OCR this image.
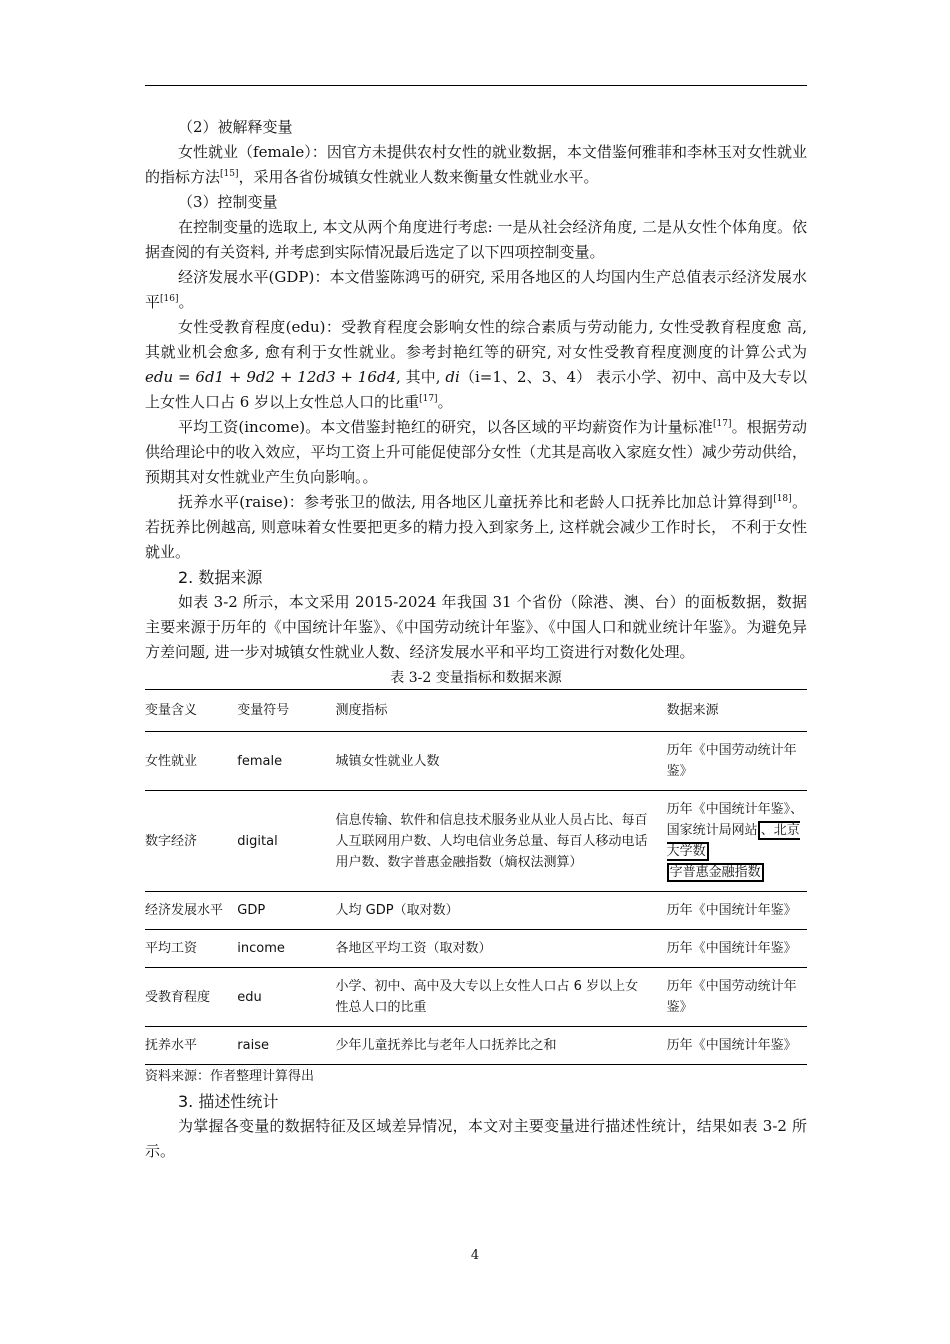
（2）被解释变量

女性就业（female）：因官方未提供农村女性的就业数据，本文借鉴何雅菲和李林玉对女性就业的指标方法[15]，采用各省份城镇女性就业人数来衡量女性就业水平。

（3）控制变量

在控制变量的选取上, 本文从两个角度进行考虑: 一是从社会经济角度, 二是从女性个体角度。依据查阅的有关资料, 并考虑到实际情况最后选定了以下四项控制变量。

经济发展水平(GDP)：本文借鉴陈鸿丐的研究, 采用各地区的人均国内生产总值表示经济发展水平[16]。

女性受教育程度(edu)：受教育程度会影响女性的综合素质与劳动能力, 女性受教育程度愈 高, 其就业机会愈多, 愈有利于女性就业。参考封艳红等的研究, 对女性受教育程度测度的计算公式为edu = 6d1 + 9d2 + 12d3 + 16d4, 其中, di（i=1、2、3、4） 表示小学、初中、高中及大专以上女性人口占 6 岁以上女性总人口的比重[17]。

平均工资(income)。本文借鉴封艳红的研究，以各区域的平均薪资作为计量标准[17]。根据劳动供给理论中的收入效应，平均工资上升可能促使部分女性（尤其是高收入家庭女性）减少劳动供给，预期其对女性就业产生负向影响。。

抚养水平(raise)：参考张卫的做法, 用各地区儿童抚养比和老龄人口抚养比加总计算得到[18]。若抚养比例越高, 则意味着女性要把更多的精力投入到家务上, 这样就会减少工作时长， 不利于女性就业。

2. 数据来源

如表 3-2 所示，本文采用 2015-2024 年我国 31 个省份（除港、澳、台）的面板数据，数据主要来源于历年的《中国统计年鉴》、《中国劳动统计年鉴》、《中国人口和就业统计年鉴》。为避免异方差问题, 进一步对城镇女性就业人数、经济发展水平和平均工资进行对数化处理。

表 3-2 变量指标和数据来源
变量含义	变量符号	测度指标	数据来源
女性就业	female	城镇女性就业人数	历年《中国劳动统计年鉴》
数字经济	digital	信息传输、软件和信息技术服务业从业人员占比、每百人互联网用户数、人均电信业务总量、每百人移动电话用户数、数字普惠金融指数（熵权法测算）	历年《中国统计年鉴》、国家统计局网站 、北京大学数
字普惠金融指数
经济发展水平	GDP	人均 GDP（取对数）	历年《中国统计年鉴》
平均工资	income	各地区平均工资（取对数）	历年《中国统计年鉴》
受教育程度	edu	小学、初中、高中及大专以上女性人口占 6 岁以上女性总人口的比重	历年《中国劳动统计年鉴》
抚养水平	raise	少年儿童抚养比与老年人口抚养比之和	历年《中国统计年鉴》
资料来源：作者整理计算得出

3. 描述性统计

为掌握各变量的数据特征及区域差异情况，本文对主要变量进行描述性统计，结果如表 3-2 所示。

4
